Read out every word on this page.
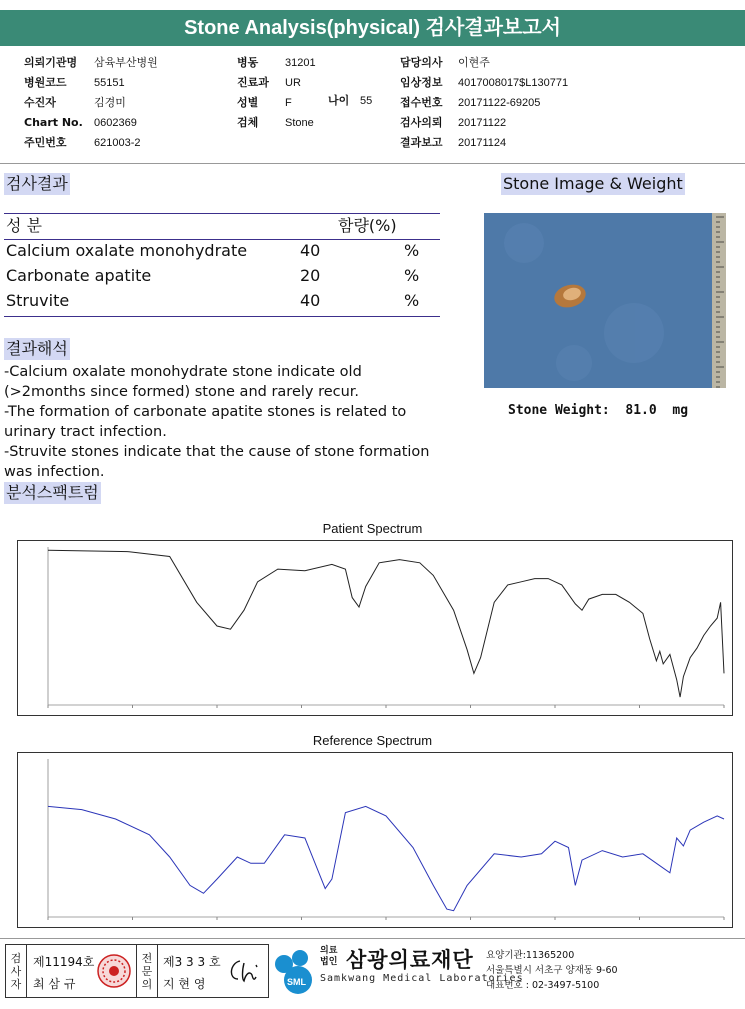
Stone Analysis(physical) 검사결과보고서
의뢰기관명 삼육부산병원
병원코드 55151
수진자	김경미
Chart No. 0602369
주민번호 621003-2
병동 31201
진료과 UR
성별 F
검체 Stone
나이 55
담당의사 이현주
임상정보 4017008017$L130771
접수번호 20171122-69205
검사의뢰 20171122
결과보고 20171124
검사결과	Stone Image & Weight
성 분	함량(%)
Calcium oxalate monohydrate	40	%
Carbonate apatite	20	%
Struvite	40	%
Stone Weight: 81.0 mg
결과해석
-Calcium oxalate monohydrate stone indicate old
(>2months since formed) stone and rarely recur.
-The formation of carbonate apatite stones is related to
urinary tract infection.
-Struvite stones indicate that the cause of stone formation
was infection.
분석스팩트럼
Patient Spectrum
Reference Spectrum
검사자
제11194호
최 삼 규
전문의
제3 3 3 호
지 현 영	SML
의료
법인 삼광의료재단
Samkwang Medical Laboratories
요양기관:11365200
서울특별시 서초구 양재동 9-60
대표번호 : 02-3497-5100
